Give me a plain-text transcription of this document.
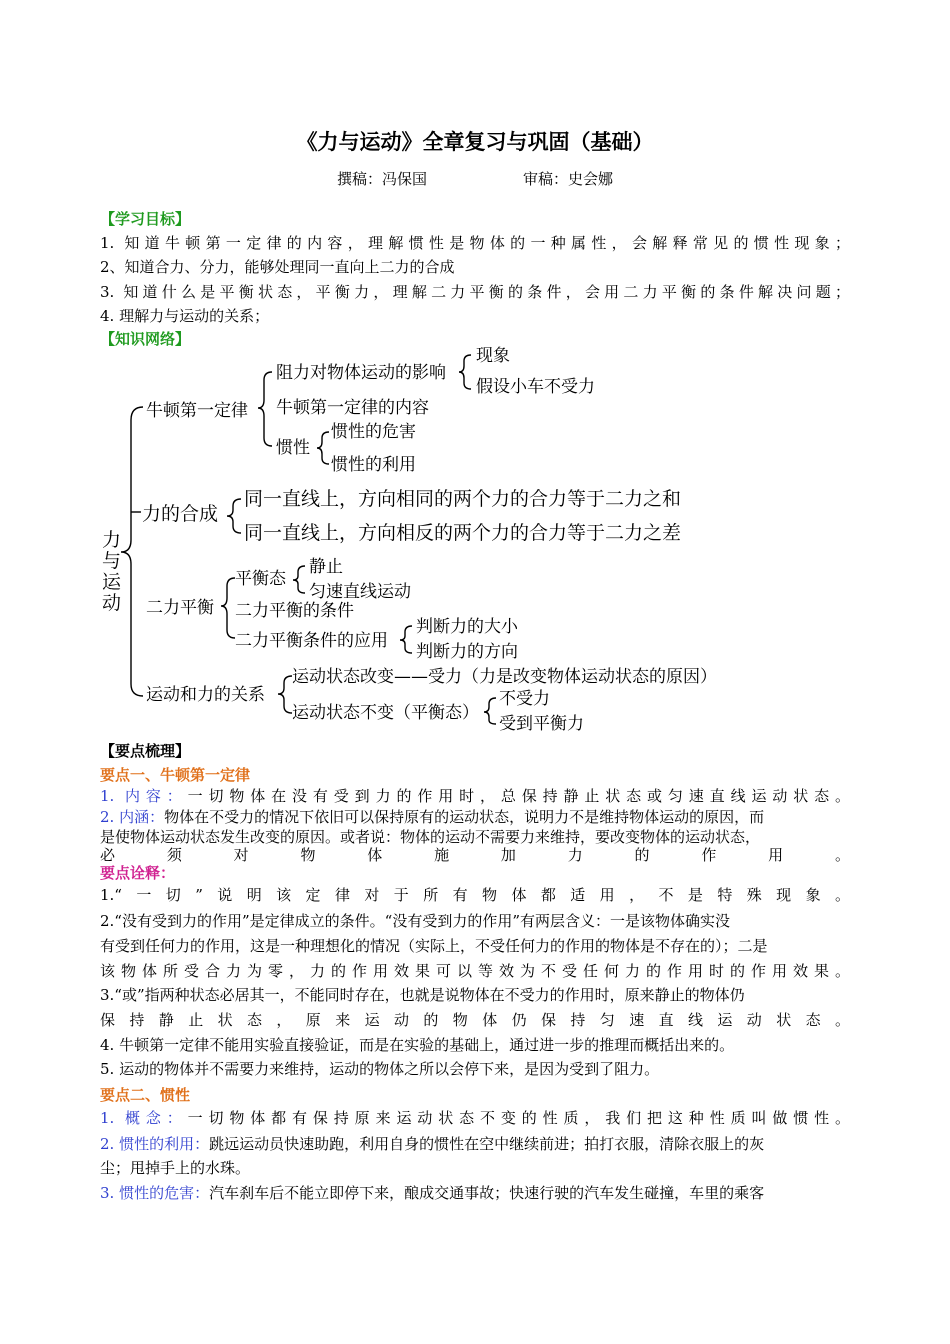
《力与运动》全章复习与巩固（基础）
撰稿：冯保国	审稿：史会娜
【学习目标】
1. 知道牛顿第一定律的内容，理解惯性是物体的一种属性，会解释常见的惯性现象；
2、知道合力、分力，能够处理同一直向上二力的合成
3. 知道什么是平衡状态，平衡力，理解二力平衡的条件，会用二力平衡的条件解决问题；
4. 理解力与运动的关系；
【知识网络】
力
与
运
动
牛顿第一定律
阻力对物体运动的影响
现象
假设小车不受力
牛顿第一定律的内容
惯性
惯性的危害
惯性的利用
力的合成
同一直线上，方向相同的两个力的合力等于二力之和
同一直线上，方向相反的两个力的合力等于二力之差
二力平衡
平衡态
静止
匀速直线运动
二力平衡的条件
二力平衡条件的应用
判断力的大小
判断力的方向
运动和力的关系
运动状态改变——受力（力是改变物体运动状态的原因）
运动状态不变（平衡态）
不受力
受到平衡力
【要点梳理】
要点一、牛顿第一定律
1. 内容：一切物体在没有受到力的作用时，总保持静止状态或匀速直线运动状态。
2. 内涵：物体在不受力的情况下依旧可以保持原有的运动状态，说明力不是维持物体运动的原因，而
是使物体运动状态发生改变的原因。或者说：物体的运动不需要力来维持，要改变物体的运动状态，
必须对物体施加力的作用。
要点诠释：
1.“一切”说明该定律对于所有物体都适用，不是特殊现象。
2.“没有受到力的作用”是定律成立的条件。“没有受到力的作用”有两层含义：一是该物体确实没
有受到任何力的作用，这是一种理想化的情况（实际上，不受任何力的作用的物体是不存在的）；二是
该物体所受合力为零，力的作用效果可以等效为不受任何力的作用时的作用效果。
3.“或”指两种状态必居其一，不能同时存在，也就是说物体在不受力的作用时，原来静止的物体仍
保持静止状态，原来运动的物体仍保持匀速直线运动状态。
4. 牛顿第一定律不能用实验直接验证，而是在实验的基础上，通过进一步的推理而概括出来的。
5. 运动的物体并不需要力来维持，运动的物体之所以会停下来，是因为受到了阻力。
要点二、惯性
1. 概念：一切物体都有保持原来运动状态不变的性质，我们把这种性质叫做惯性。
2. 惯性的利用：跳远运动员快速助跑，利用自身的惯性在空中继续前进；拍打衣服，清除衣服上的灰
尘；甩掉手上的水珠。
3. 惯性的危害：汽车刹车后不能立即停下来，酿成交通事故；快速行驶的汽车发生碰撞，车里的乘客
